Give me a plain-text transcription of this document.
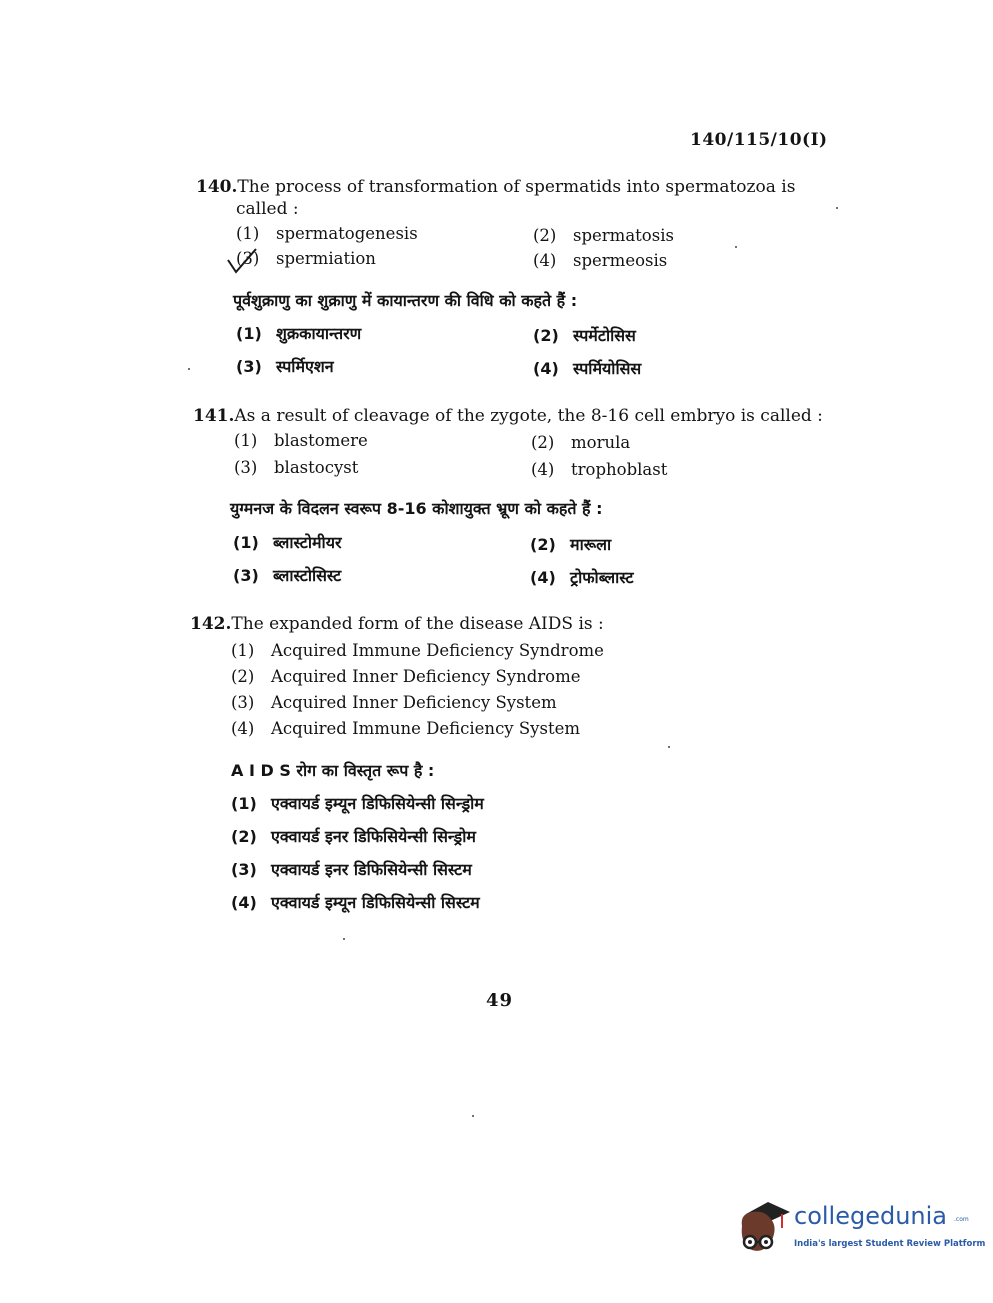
140/115/10(I)
140.The process of transformation of spermatids into spermatozoa is
called :
(1) spermatogenesis	(2) spermatosis
(3) spermiation	(4) spermeosis
पूर्वशुक्राणु का शुक्राणु में कायान्तरण की विधि को कहते हैं :
(1) शुक्रकायान्तरण	(2) स्पर्मेटोसिस
(3) स्पर्मिएशन	(4) स्पर्मियोसिस
141.As a result of cleavage of the zygote, the 8-16 cell embryo is called :
(1) blastomere	(2) morula
(3) blastocyst	(4) trophoblast
युग्मनज के विदलन स्वरूप 8-16 कोशायुक्त भ्रूण को कहते हैं :
(1) ब्लास्टोमीयर	(2) मारूला
(3) ब्लास्टोसिस्ट	(4) ट्रोफोब्लास्ट
142.The expanded form of the disease AIDS is :
(1) Acquired Immune Deficiency Syndrome
(2) Acquired Inner Deficiency Syndrome
(3) Acquired Inner Deficiency System
(4) Acquired Immune Deficiency System
A I D S रोग का विस्तृत रूप है :
(1) एक्वायर्ड इम्यून डिफिसियेन्सी सिन्ड्रोम
(2) एक्वायर्ड इनर डिफिसियेन्सी सिन्ड्रोम
(3) एक्वायर्ड इनर डिफिसियेन्सी सिस्टम
(4) एक्वायर्ड इम्यून डिफिसियेन्सी सिस्टम
49
collegedunia .com
India's largest Student Review Platform
